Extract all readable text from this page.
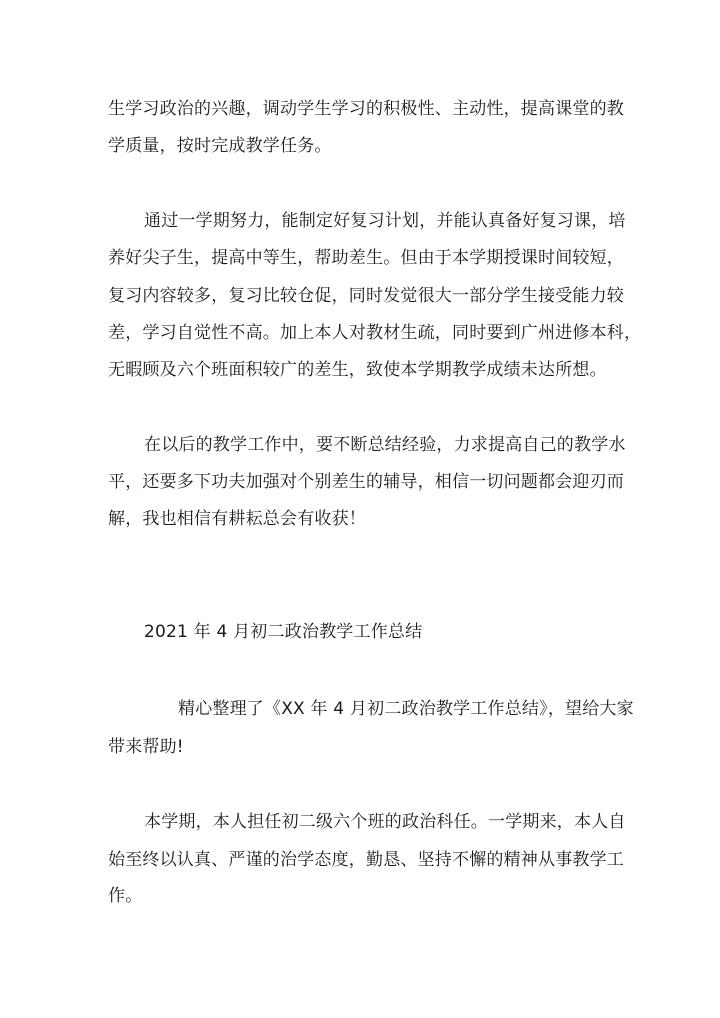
生学习政治的兴趣，调动学生学习的积极性、主动性，提高课堂的教
学质量，按时完成教学任务。
通过一学期努力，能制定好复习计划，并能认真备好复习课，培
养好尖子生，提高中等生，帮助差生。但由于本学期授课时间较短，
复习内容较多，复习比较仓促，同时发觉很大一部分学生接受能力较
差，学习自觉性不高。加上本人对教材生疏，同时要到广州进修本科，
无暇顾及六个班面积较广的差生，致使本学期教学成绩未达所想。
在以后的教学工作中，要不断总结经验，力求提高自己的教学水
平，还要多下功夫加强对个别差生的辅导，相信一切问题都会迎刃而
解，我也相信有耕耘总会有收获！
2021 年 4 月初二政治教学工作总结
精心整理了《XX 年 4 月初二政治教学工作总结》，望给大家
带来帮助!
本学期，本人担任初二级六个班的政治科任。一学期来，本人自
始至终以认真、严谨的治学态度，勤恳、坚持不懈的精神从事教学工
作。
